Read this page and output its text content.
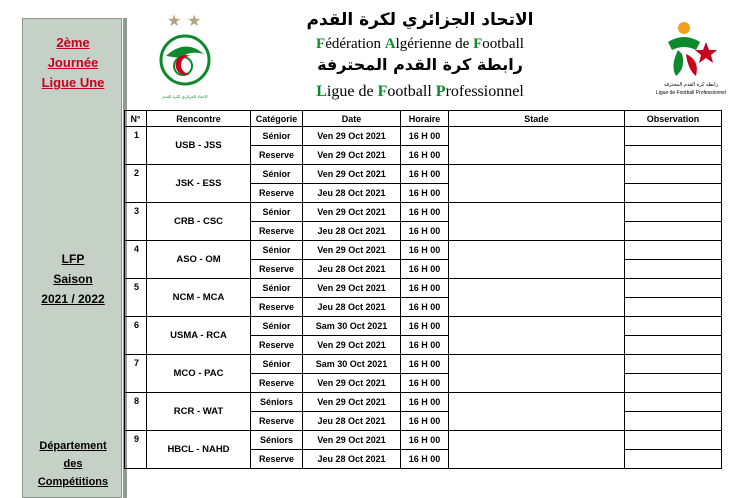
2ème
Journée
Ligue Une
LFP
Saison
2021 / 2022
Département
des
Compétitions
★ ★
الاتحاد الجزائري لكرة القدم
رابطة كرة القدم المحترفة
Ligue de Football Professionnel
الاتحاد الجزائري لكرة القدم
Fédération Algérienne de Football
رابطة كرة القدم المحترفة
Ligue de Football Professionnel
N°	Rencontre	Catégorie	Date	Horaire	Stade	Observation
1	USB - JSS	Sénior	Ven 29 Oct 2021	16 H 00		
		Reserve	Ven 29 Oct 2021	16 H 00		
2	JSK - ESS	Sénior	Ven 29 Oct 2021	16 H 00		
		Reserve	Jeu 28 Oct 2021	16 H 00		
3	CRB - CSC	Sénior	Ven 29 Oct 2021	16 H 00		
		Reserve	Jeu 28 Oct 2021	16 H 00		
4	ASO - OM	Sénior	Ven 29 Oct 2021	16 H 00		
		Reserve	Jeu 28 Oct 2021	16 H 00		
5	NCM - MCA	Sénior	Ven 29 Oct 2021	16 H 00		
		Reserve	Jeu 28 Oct 2021	16 H 00		
6	USMA - RCA	Sénior	Sam 30 Oct 2021	16 H 00		
		Reserve	Ven 29 Oct 2021	16 H 00		
7	MCO - PAC	Sénior	Sam 30 Oct 2021	16 H 00		
		Reserve	Ven 29 Oct 2021	16 H 00		
8	RCR - WAT	Séniors	Ven 29 Oct 2021	16 H 00		
		Reserve	Jeu 28 Oct 2021	16 H 00		
9	HBCL - NAHD	Séniors	Ven 29 Oct 2021	16 H 00		
		Reserve	Jeu 28 Oct 2021	16 H 00		
